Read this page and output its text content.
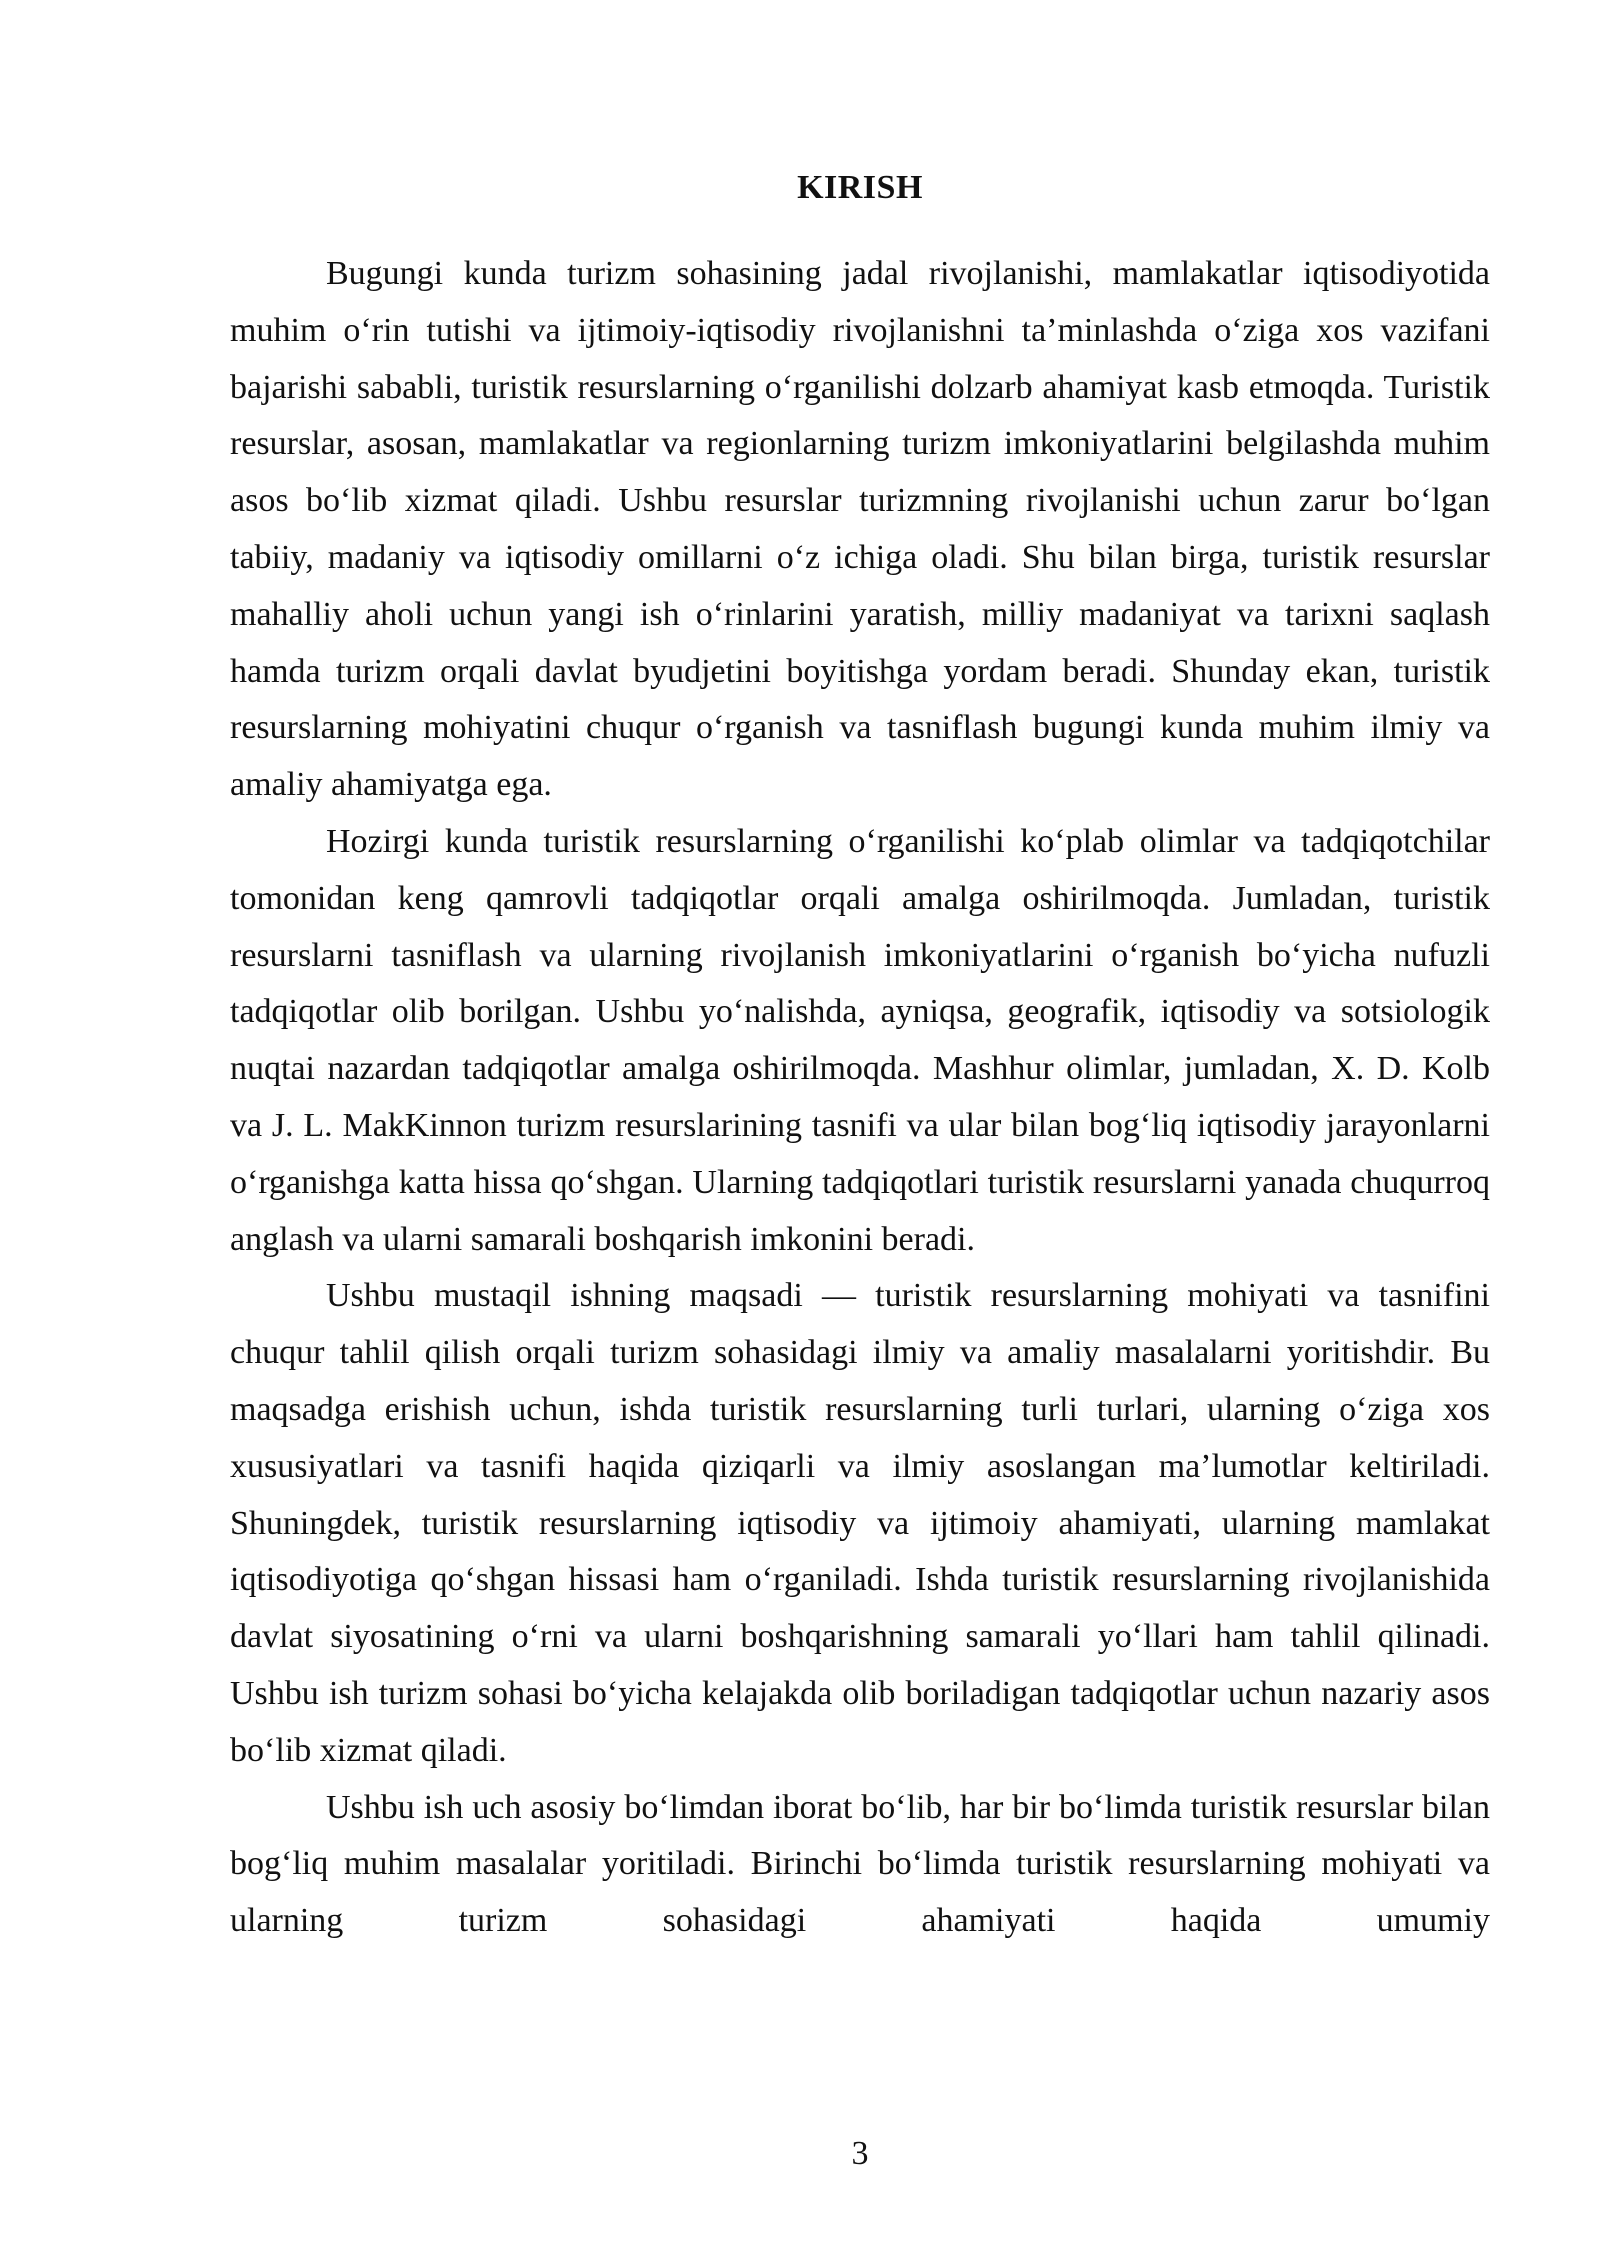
KIRISH

Bugungi kunda turizm sohasining jadal rivojlanishi, mamlakatlar iqtisodiyotida muhim o‘rin tutishi va ijtimoiy-iqtisodiy rivojlanishni ta’minlashda o‘ziga xos vazifani bajarishi sababli, turistik resurslarning o‘rganilishi dolzarb ahamiyat kasb etmoqda. Turistik resurslar, asosan, mamlakatlar va regionlarning turizm imkoniyatlarini belgilashda muhim asos bo‘lib xizmat qiladi. Ushbu resurslar turizmning rivojlanishi uchun zarur bo‘lgan tabiiy, madaniy va iqtisodiy omillarni o‘z ichiga oladi. Shu bilan birga, turistik resurslar mahalliy aholi uchun yangi ish o‘rinlarini yaratish, milliy madaniyat va tarixni saqlash hamda turizm orqali davlat byudjetini boyitishga yordam beradi. Shunday ekan, turistik resurslarning mohiyatini chuqur o‘rganish va tasniflash bugungi kunda muhim ilmiy va amaliy ahamiyatga ega.

Hozirgi kunda turistik resurslarning o‘rganilishi ko‘plab olimlar va tadqiqotchilar tomonidan keng qamrovli tadqiqotlar orqali amalga oshirilmoqda. Jumladan, turistik resurslarni tasniflash va ularning rivojlanish imkoniyatlarini o‘rganish bo‘yicha nufuzli tadqiqotlar olib borilgan. Ushbu yo‘nalishda, ayniqsa, geografik, iqtisodiy va sotsiologik nuqtai nazardan tadqiqotlar amalga oshirilmoqda. Mashhur olimlar, jumladan, X. D. Kolb va J. L. MakKinnon turizm resurslarining tasnifi va ular bilan bog‘liq iqtisodiy jarayonlarni o‘rganishga katta hissa qo‘shgan. Ularning tadqiqotlari turistik resurslarni yanada chuqurroq anglash va ularni samarali boshqarish imkonini beradi.

Ushbu mustaqil ishning maqsadi — turistik resurslarning mohiyati va tasnifini chuqur tahlil qilish orqali turizm sohasidagi ilmiy va amaliy masalalarni yoritishdir. Bu maqsadga erishish uchun, ishda turistik resurslarning turli turlari, ularning o‘ziga xos xususiyatlari va tasnifi haqida qiziqarli va ilmiy asoslangan ma’lumotlar keltiriladi. Shuningdek, turistik resurslarning iqtisodiy va ijtimoiy ahamiyati, ularning mamlakat iqtisodiyotiga qo‘shgan hissasi ham o‘rganiladi. Ishda turistik resurslarning rivojlanishida davlat siyosatining o‘rni va ularni boshqarishning samarali yo‘llari ham tahlil qilinadi. Ushbu ish turizm sohasi bo‘yicha kelajakda olib boriladigan tadqiqotlar uchun nazariy asos bo‘lib xizmat qiladi.

Ushbu ish uch asosiy bo‘limdan iborat bo‘lib, har bir bo‘limda turistik resurslar bilan bog‘liq muhim masalalar yoritiladi. Birinchi bo‘limda turistik resurslarning mohiyati va ularning turizm sohasidagi ahamiyati haqida umumiy

3
